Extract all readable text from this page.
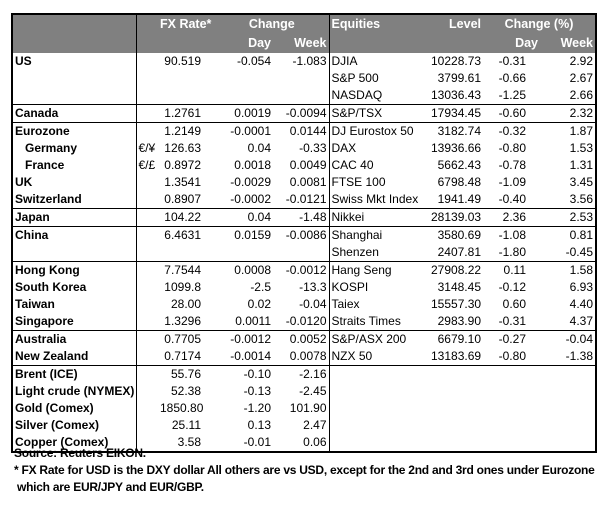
		FX Rate*	Change		Equities	Level	Change (%)	
			Day	Week			Day	Week
US		90.519	-0.054	-1.083	DJIA	10228.73	-0.31	2.92
					S&P 500	3799.61	-0.66	2.67
					NASDAQ	13036.43	-1.25	2.66
Canada		1.2761	0.0019	-0.0094	S&P/TSX	17934.45	-0.60	2.32
Eurozone		1.2149	-0.0001	0.0144	DJ Eurostox 50	3182.74	-0.32	1.87
Germany	€/¥	126.63	0.04	-0.33	DAX	13936.66	-0.80	1.53
France	€/£	0.8972	0.0018	0.0049	CAC 40	5662.43	-0.78	1.31
UK		1.3541	-0.0029	0.0081	FTSE 100	6798.48	-1.09	3.45
Switzerland		0.8907	-0.0002	-0.0121	Swiss Mkt Index	1941.49	-0.40	3.56
Japan		104.22	0.04	-1.48	Nikkei	28139.03	2.36	2.53
China		6.4631	0.0159	-0.0086	Shanghai	3580.69	-1.08	0.81
					Shenzen	2407.81	-1.80	-0.45
Hong Kong		7.7544	0.0008	-0.0012	Hang Seng	27908.22	0.11	1.58
South Korea		1099.8	-2.5	-13.3	KOSPI	3148.45	-0.12	6.93
Taiwan		28.00	0.02	-0.04	Taiex	15557.30	0.60	4.40
Singapore		1.3296	0.0011	-0.0120	Straits Times	2983.90	-0.31	4.37
Australia		0.7705	-0.0012	0.0052	S&P/ASX 200	6679.10	-0.27	-0.04
New Zealand		0.7174	-0.0014	0.0078	NZX 50	13183.69	-0.80	-1.38
Brent (ICE)		55.76	-0.10	-2.16				
Light crude (NYMEX)		52.38	-0.13	-2.45				
Gold (Comex)		1850.80	-1.20	101.90				
Silver (Comex)		25.11	0.13	2.47				
Copper (Comex)		3.58	-0.01	0.06				
Source: Reuters EIKON.
* FX Rate for USD is the DXY dollar All others are vs USD, except for the 2nd and 3rd ones under Eurozone
which are EUR/JPY and EUR/GBP.
